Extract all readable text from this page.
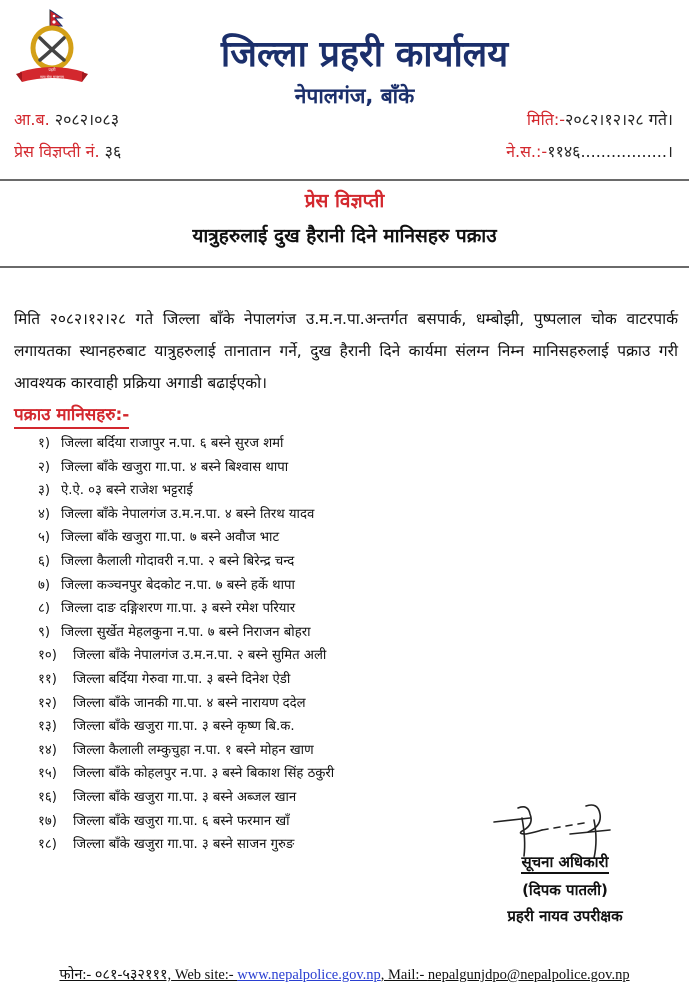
प्रहरी
सत्य सेवा सुरक्षणम्
जिल्ला प्रहरी कार्यालय
नेपालगंज, बाँके
आ.ब. २०८२।०८३
प्रेस विज्ञप्ती नं. ३६
मिति:-२०८२।१२।२८ गते।
ने.स.:-११४६.................।
प्रेस विज्ञप्ती
यात्रुहरुलाई दुख हैरानी दिने मानिसहरु पक्राउ
मिति २०८२।१२।२८ गते जिल्ला बाँके नेपालगंज उ.म.न.पा.अन्तर्गत बसपार्क, धम्बोझी, पुष्पलाल चोक वाटरपार्क लगायतका स्थानहरुबाट यात्रुहरुलाई तानातान गर्ने, दुख हैरानी दिने कार्यमा संलग्न निम्न मानिसहरुलाई पक्राउ गरी आवश्यक कारवाही प्रक्रिया अगाडी बढाईएको।
पक्राउ मानिसहरु:-
१) जिल्ला बर्दिया राजापुर न.पा. ६ बस्ने सुरज शर्मा
२) जिल्ला बाँके खजुरा गा.पा. ४ बस्ने बिश्वास थापा
३) ऐ.ऐ. ०३ बस्ने राजेश भट्टराई
४) जिल्ला बाँके नेपालगंज उ.म.न.पा. ४ बस्ने तिरथ यादव
५) जिल्ला बाँके खजुरा गा.पा. ७ बस्ने अवौज भाट
६) जिल्ला कैलाली गोदावरी न.पा. २ बस्ने बिरेन्द्र चन्द
७) जिल्ला कञ्चनपुर बेदकोट न.पा. ७ बस्ने हर्के थापा
८) जिल्ला दाङ दङ्गिशरण गा.पा. ३ बस्ने रमेश परियार
९) जिल्ला सुर्खेत मेहलकुना न.पा. ७ बस्ने निराजन बोहरा
१०) जिल्ला बाँके नेपालगंज उ.म.न.पा. २ बस्ने सुमित अली
११) जिल्ला बर्दिया गेरुवा गा.पा. ३ बस्ने दिनेश ऐडी
१२) जिल्ला बाँके जानकी गा.पा. ४ बस्ने नारायण ददेल
१३) जिल्ला बाँके खजुरा गा.पा. ३ बस्ने कृष्ण बि.क.
१४) जिल्ला कैलाली लम्कुचुहा न.पा. १ बस्ने मोहन खाण
१५) जिल्ला बाँके कोहलपुर न.पा. ३ बस्ने बिकाश सिंह ठकुरी
१६) जिल्ला बाँके खजुरा गा.पा. ३ बस्ने अब्जल खान
१७) जिल्ला बाँके खजुरा गा.पा. ६ बस्ने फरमान खाँ
१८) जिल्ला बाँके खजुरा गा.पा. ३ बस्ने साजन गुरुङ
सूचना अधिकारी
(दिपक पातली)
प्रहरी नायव उपरीक्षक
फोन:- ०८१-५३२१११, Web site:- www.nepalpolice.gov.np, Mail:- nepalgunjdpo@nepalpolice.gov.np
